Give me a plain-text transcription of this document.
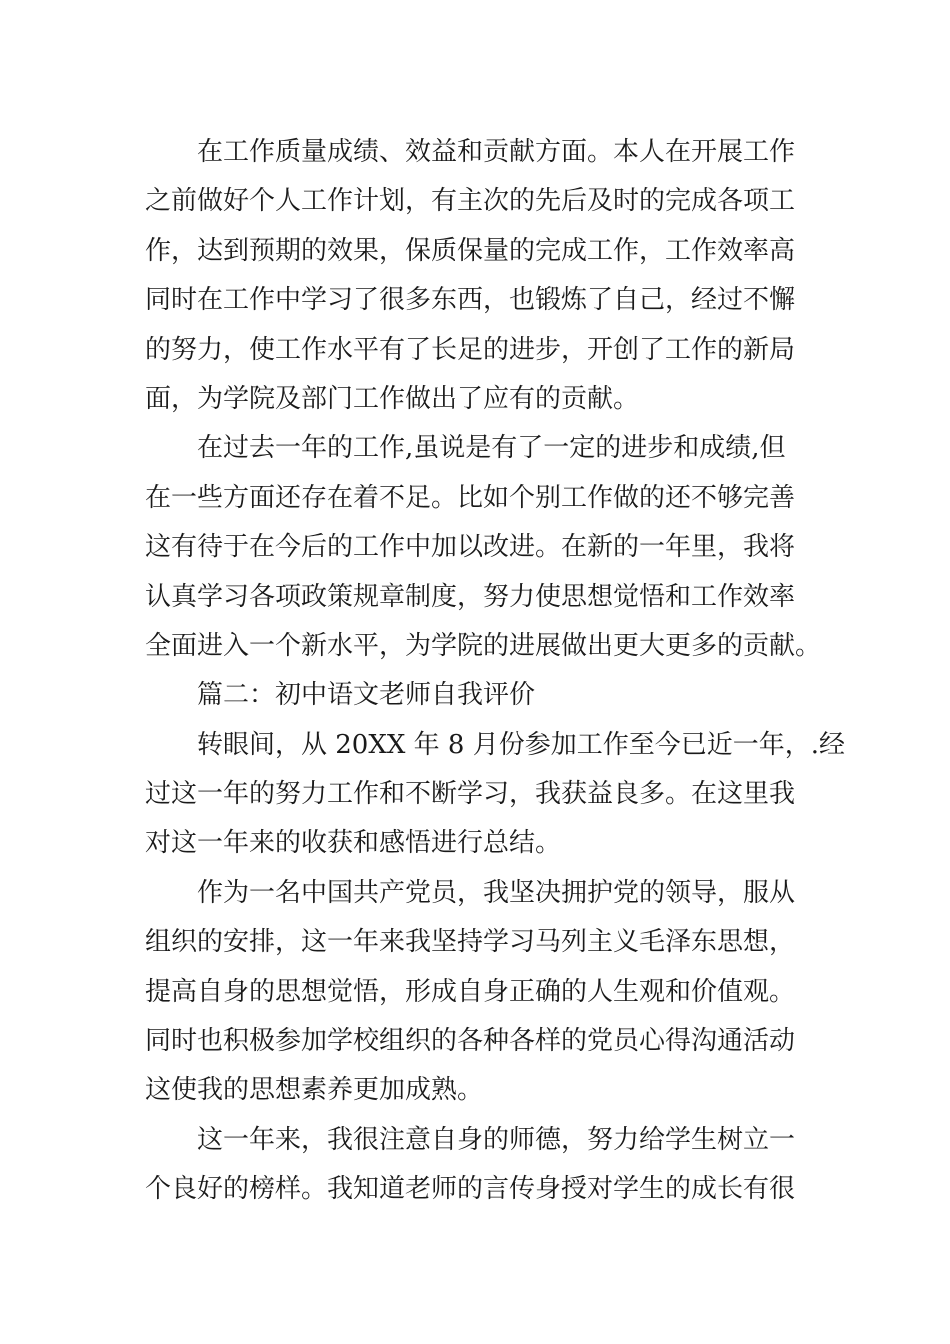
在工作质量成绩、效益和贡献方面。本人在开展工作
之前做好个人工作计划，有主次的先后及时的完成各项工
作，达到预期的效果，保质保量的完成工作，工作效率高
同时在工作中学习了很多东西，也锻炼了自己，经过不懈
的努力，使工作水平有了长足的进步，开创了工作的新局
面，为学院及部门工作做出了应有的贡献。
在过去一年的工作,虽说是有了一定的进步和成绩,但
在一些方面还存在着不足。比如个别工作做的还不够完善
这有待于在今后的工作中加以改进。在新的一年里，我将
认真学习各项政策规章制度，努力使思想觉悟和工作效率
全面进入一个新水平，为学院的进展做出更大更多的贡献。
篇二：初中语文老师自我评价
转眼间，从 20XX 年 8 月份参加工作至今已近一年，.经
过这一年的努力工作和不断学习，我获益良多。在这里我
对这一年来的收获和感悟进行总结。
作为一名中国共产党员，我坚决拥护党的领导，服从
组织的安排，这一年来我坚持学习马列主义毛泽东思想，
提高自身的思想觉悟，形成自身正确的人生观和价值观。
同时也积极参加学校组织的各种各样的党员心得沟通活动
这使我的思想素养更加成熟。
这一年来，我很注意自身的师德，努力给学生树立一
个良好的榜样。我知道老师的言传身授对学生的成长有很
